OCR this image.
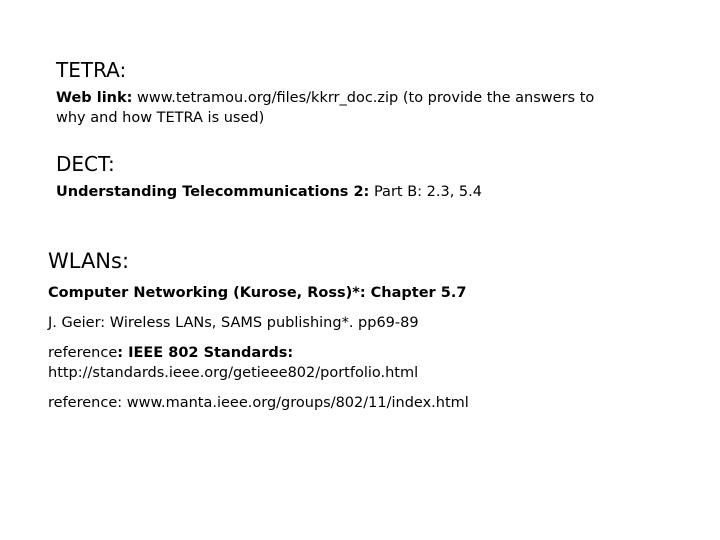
TETRA:

Web link: www.tetramou.org/files/kkrr_doc.zip (to provide the answers to
why and how TETRA is used)

DECT:

Understanding Telecommunications 2: Part B: 2.3, 5.4

WLANs:

Computer Networking (Kurose, Ross)*: Chapter 5.7

J. Geier: Wireless LANs, SAMS publishing*. pp69-89

reference: IEEE 802 Standards:
http://standards.ieee.org/getieee802/portfolio.html

reference: www.manta.ieee.org/groups/802/11/index.html
